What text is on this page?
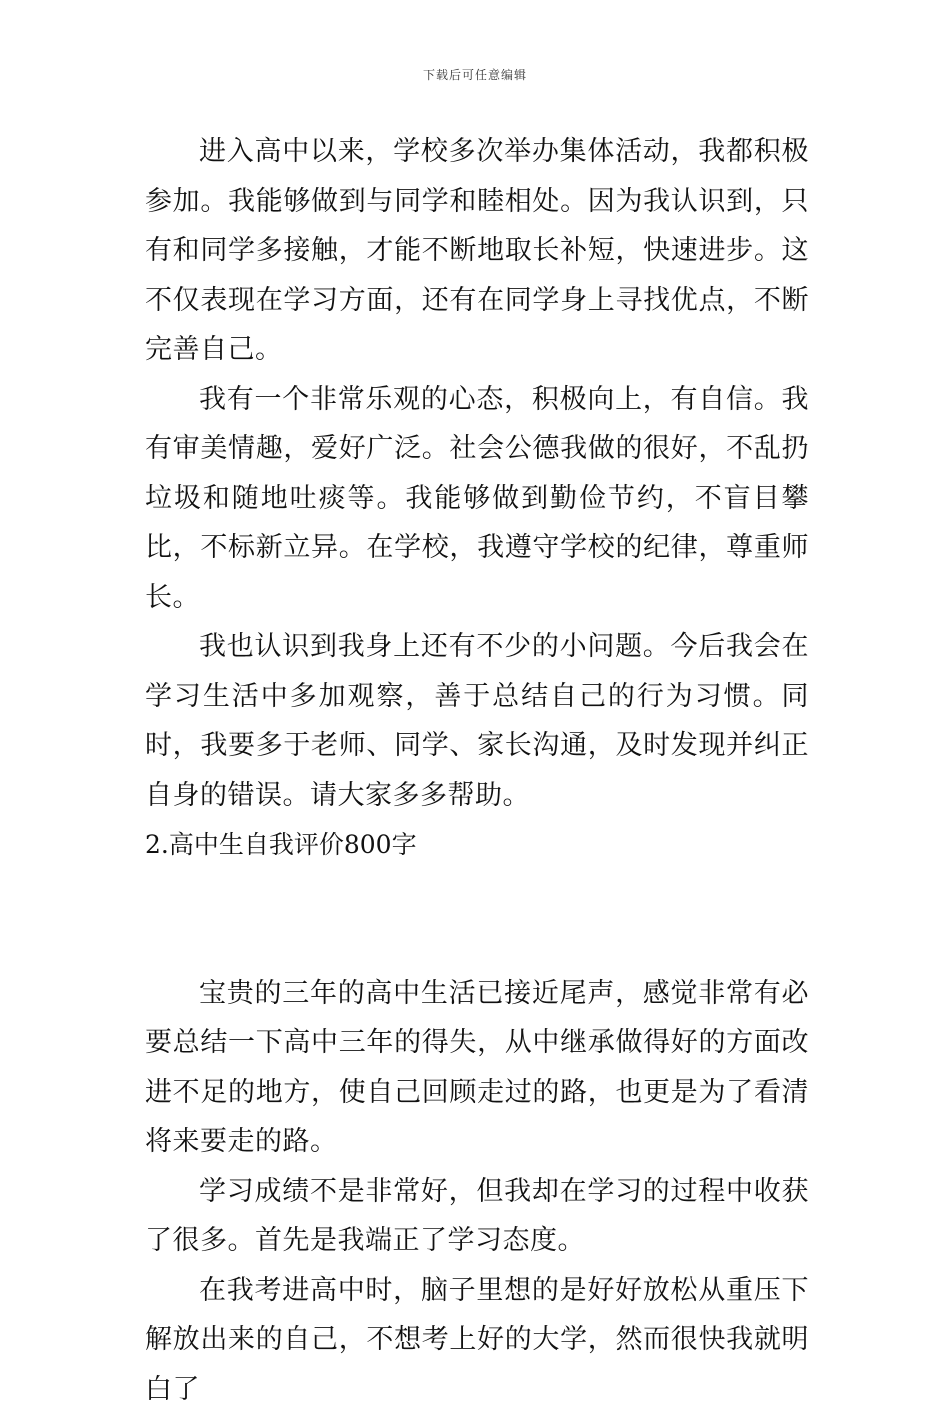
下载后可任意编辑

进入高中以来，学校多次举办集体活动，我都积极参加。我能够做到与同学和睦相处。因为我认识到，只有和同学多接触，才能不断地取长补短，快速进步。这不仅表现在学习方面，还有在同学身上寻找优点，不断完善自己。

我有一个非常乐观的心态，积极向上，有自信。我有审美情趣，爱好广泛。社会公德我做的很好，不乱扔垃圾和随地吐痰等。我能够做到勤俭节约，不盲目攀比，不标新立异。在学校，我遵守学校的纪律，尊重师长。

我也认识到我身上还有不少的小问题。今后我会在学习生活中多加观察，善于总结自己的行为习惯。同时，我要多于老师、同学、家长沟通，及时发现并纠正自身的错误。请大家多多帮助。

2.高中生自我评价800字

宝贵的三年的高中生活已接近尾声，感觉非常有必要总结一下高中三年的得失，从中继承做得好的方面改进不足的地方，使自己回顾走过的路，也更是为了看清将来要走的路。

学习成绩不是非常好，但我却在学习的过程中收获了很多。首先是我端正了学习态度。

在我考进高中时，脑子里想的是好好放松从重压下解放出来的自己，不想考上好的大学，然而很快我就明白了
